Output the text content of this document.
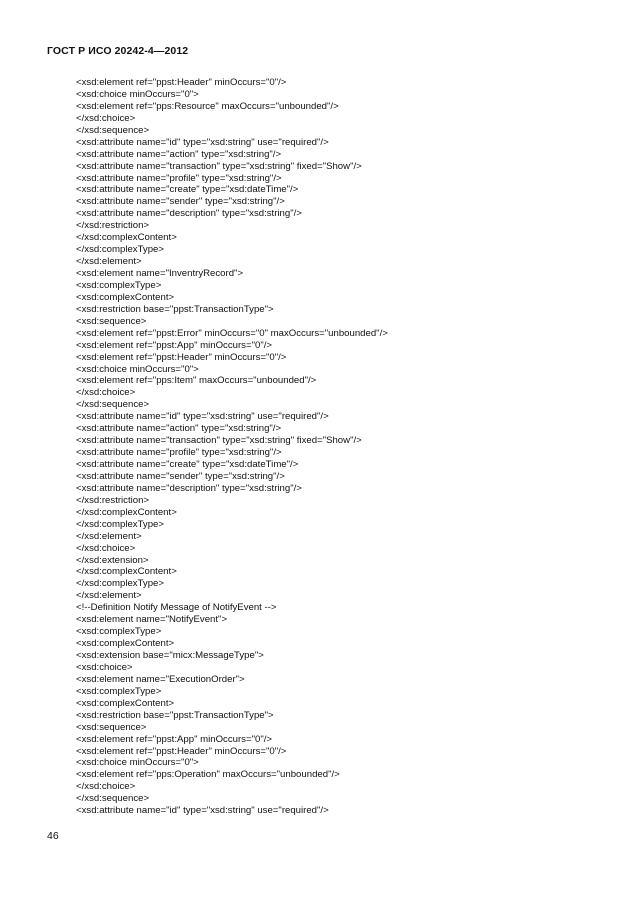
ГОСТ Р ИСО 20242-4—2012
<xsd:element ref="ppst:Header" minOccurs="0"/>
<xsd:choice minOccurs="0">
<xsd:element ref="pps:Resource" maxOccurs="unbounded"/>
</xsd:choice>
</xsd:sequence>
<xsd:attribute name="id" type="xsd:string" use="required"/>
<xsd:attribute name="action" type="xsd:string"/>
<xsd:attribute name="transaction" type="xsd:string" fixed="Show"/>
<xsd:attribute name="profile" type="xsd:string"/>
<xsd:attribute name="create" type="xsd:dateTime"/>
<xsd:attribute name="sender" type="xsd:string"/>
<xsd:attribute name="description" type="xsd:string"/>
</xsd:restriction>
</xsd:complexContent>
</xsd:complexType>
</xsd:element>
<xsd:element name="InventryRecord">
<xsd:complexType>
<xsd:complexContent>
<xsd:restriction base="ppst:TransactionType">
<xsd:sequence>
<xsd:element ref="ppst:Error" minOccurs="0" maxOccurs="unbounded"/>
<xsd:element ref="ppst:App" minOccurs="0"/>
<xsd:element ref="ppst:Header" minOccurs="0"/>
<xsd:choice minOccurs="0">
<xsd:element ref="pps:Item" maxOccurs="unbounded"/>
</xsd:choice>
</xsd:sequence>
<xsd:attribute name="id" type="xsd:string" use="required"/>
<xsd:attribute name="action" type="xsd:string"/>
<xsd:attribute name="transaction" type="xsd:string" fixed="Show"/>
<xsd:attribute name="profile" type="xsd:string"/>
<xsd:attribute name="create" type="xsd:dateTime"/>
<xsd:attribute name="sender" type="xsd:string"/>
<xsd:attribute name="description" type="xsd:string"/>
</xsd:restriction>
</xsd:complexContent>
</xsd:complexType>
</xsd:element>
</xsd:choice>
</xsd:extension>
</xsd:complexContent>
</xsd:complexType>
</xsd:element>
<!--Definition Notify Message of NotifyEvent -->
<xsd:element name="NotifyEvent">
<xsd:complexType>
<xsd:complexContent>
<xsd:extension base="micx:MessageType">
<xsd:choice>
<xsd:element name="ExecutionOrder">
<xsd:complexType>
<xsd:complexContent>
<xsd:restriction base="ppst:TransactionType">
<xsd:sequence>
<xsd:element ref="ppst:App" minOccurs="0"/>
<xsd:element ref="ppst:Header" minOccurs="0"/>
<xsd:choice minOccurs="0">
<xsd:element ref="pps:Operation" maxOccurs="unbounded"/>
</xsd:choice>
</xsd:sequence>
<xsd:attribute name="id" type="xsd:string" use="required"/>
46
